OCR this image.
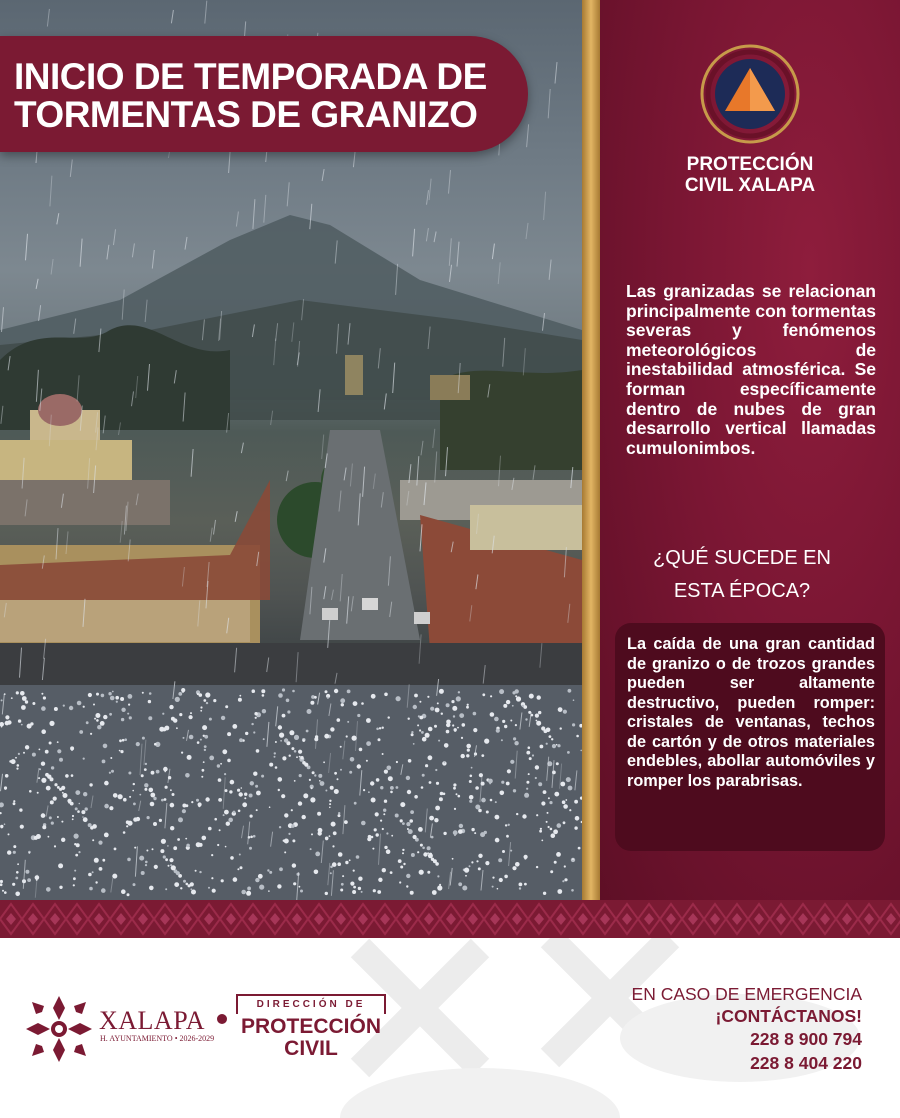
INICIO DE TEMPORADA DE
TORMENTAS DE GRANIZO
PROTECCIÓN
CIVIL XALAPA

Las granizadas se relacionan principalmente con tormentas severas y fenómenos meteorológicos de inestabilidad atmosférica. Se forman específicamente dentro de nubes de gran desarrollo vertical llamadas cumulonimbos.

¿QUÉ SUCEDE EN
ESTA ÉPOCA?

La caída de una gran cantidad de granizo o de trozos grandes pueden ser altamente destructivo, pueden romper: cristales de ventanas, techos de cartón y de otros materiales endebles, abollar automóviles y romper los parabrisas.

XALAPA
H. AYUNTAMIENTO • 2026-2029
DIRECCIÓN DE
PROTECCIÓN
CIVIL
EN CASO DE EMERGENCIA
¡CONTÁCTANOS!
228 8 900 794
228 8 404 220
